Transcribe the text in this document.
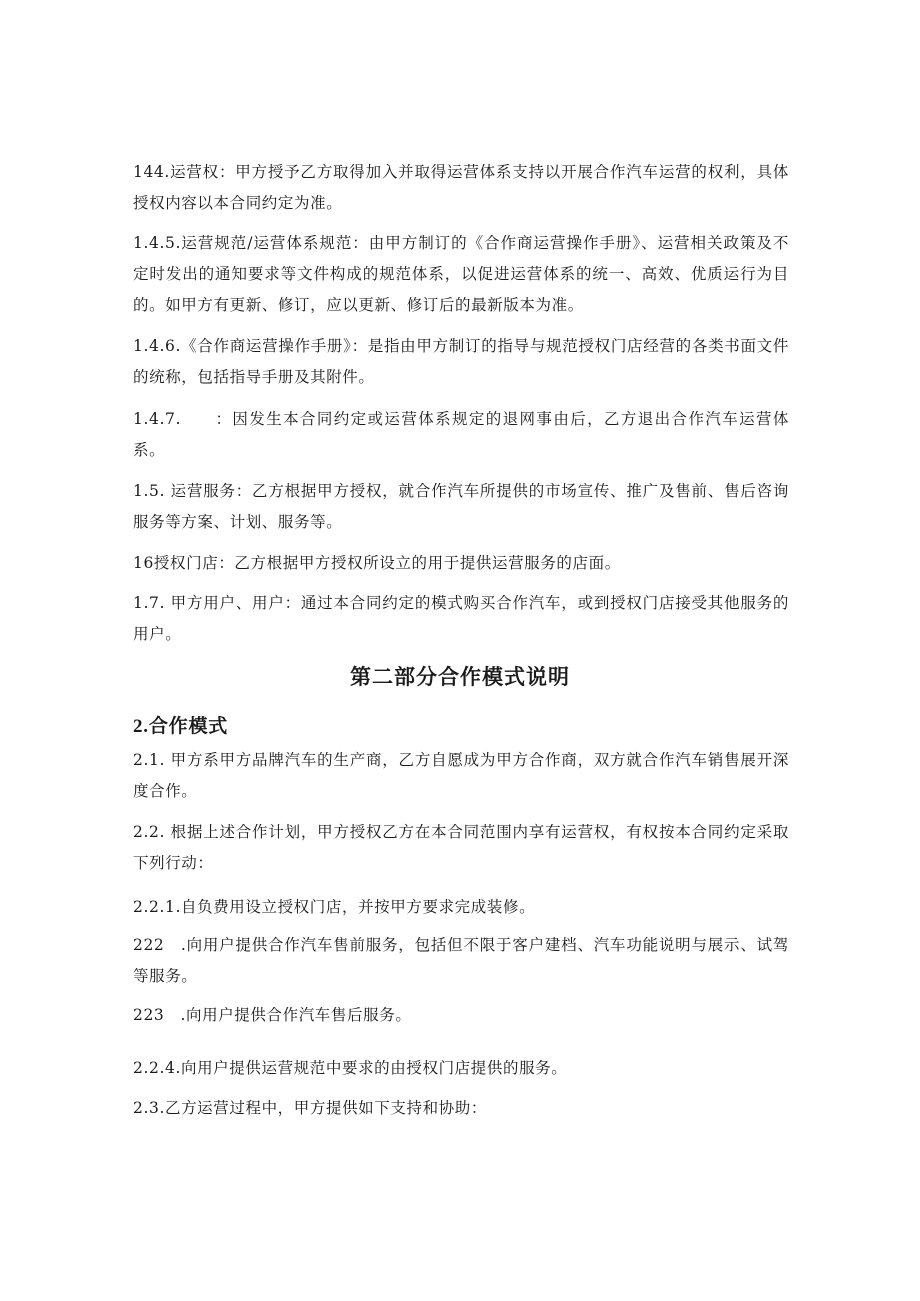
144.运营权：甲方授予乙方取得加入并取得运营体系支持以开展合作汽车运营的权利，具体授权内容以本合同约定为准。

1.4.5.运营规范/运营体系规范：由甲方制订的《合作商运营操作手册》、运营相关政策及不定时发出的通知要求等文件构成的规范体系，以促进运营体系的统一、高效、优质运行为目的。如甲方有更新、修订，应以更新、修订后的最新版本为准。

1.4.6.《合作商运营操作手册》：是指由甲方制订的指导与规范授权门店经营的各类书面文件的统称，包括指导手册及其附件。

1.4.7.　　：因发生本合同约定或运营体系规定的退网事由后，乙方退出合作汽车运营体系。

1.5. 运营服务：乙方根据甲方授权，就合作汽车所提供的市场宣传、推广及售前、售后咨询服务等方案、计划、服务等。

16授权门店：乙方根据甲方授权所设立的用于提供运营服务的店面。

1.7. 甲方用户、用户：通过本合同约定的模式购买合作汽车，或到授权门店接受其他服务的用户。

第二部分合作模式说明
2.合作模式

2.1. 甲方系甲方品牌汽车的生产商，乙方自愿成为甲方合作商，双方就合作汽车销售展开深度合作。

2.2. 根据上述合作计划，甲方授权乙方在本合同范围内享有运营权，有权按本合同约定采取下列行动：

2.2.1.自负费用设立授权门店，并按甲方要求完成装修。

222　.向用户提供合作汽车售前服务，包括但不限于客户建档、汽车功能说明与展示、试驾等服务。

223　.向用户提供合作汽车售后服务。

2.2.4.向用户提供运营规范中要求的由授权门店提供的服务。

2.3.乙方运营过程中，甲方提供如下支持和协助：
